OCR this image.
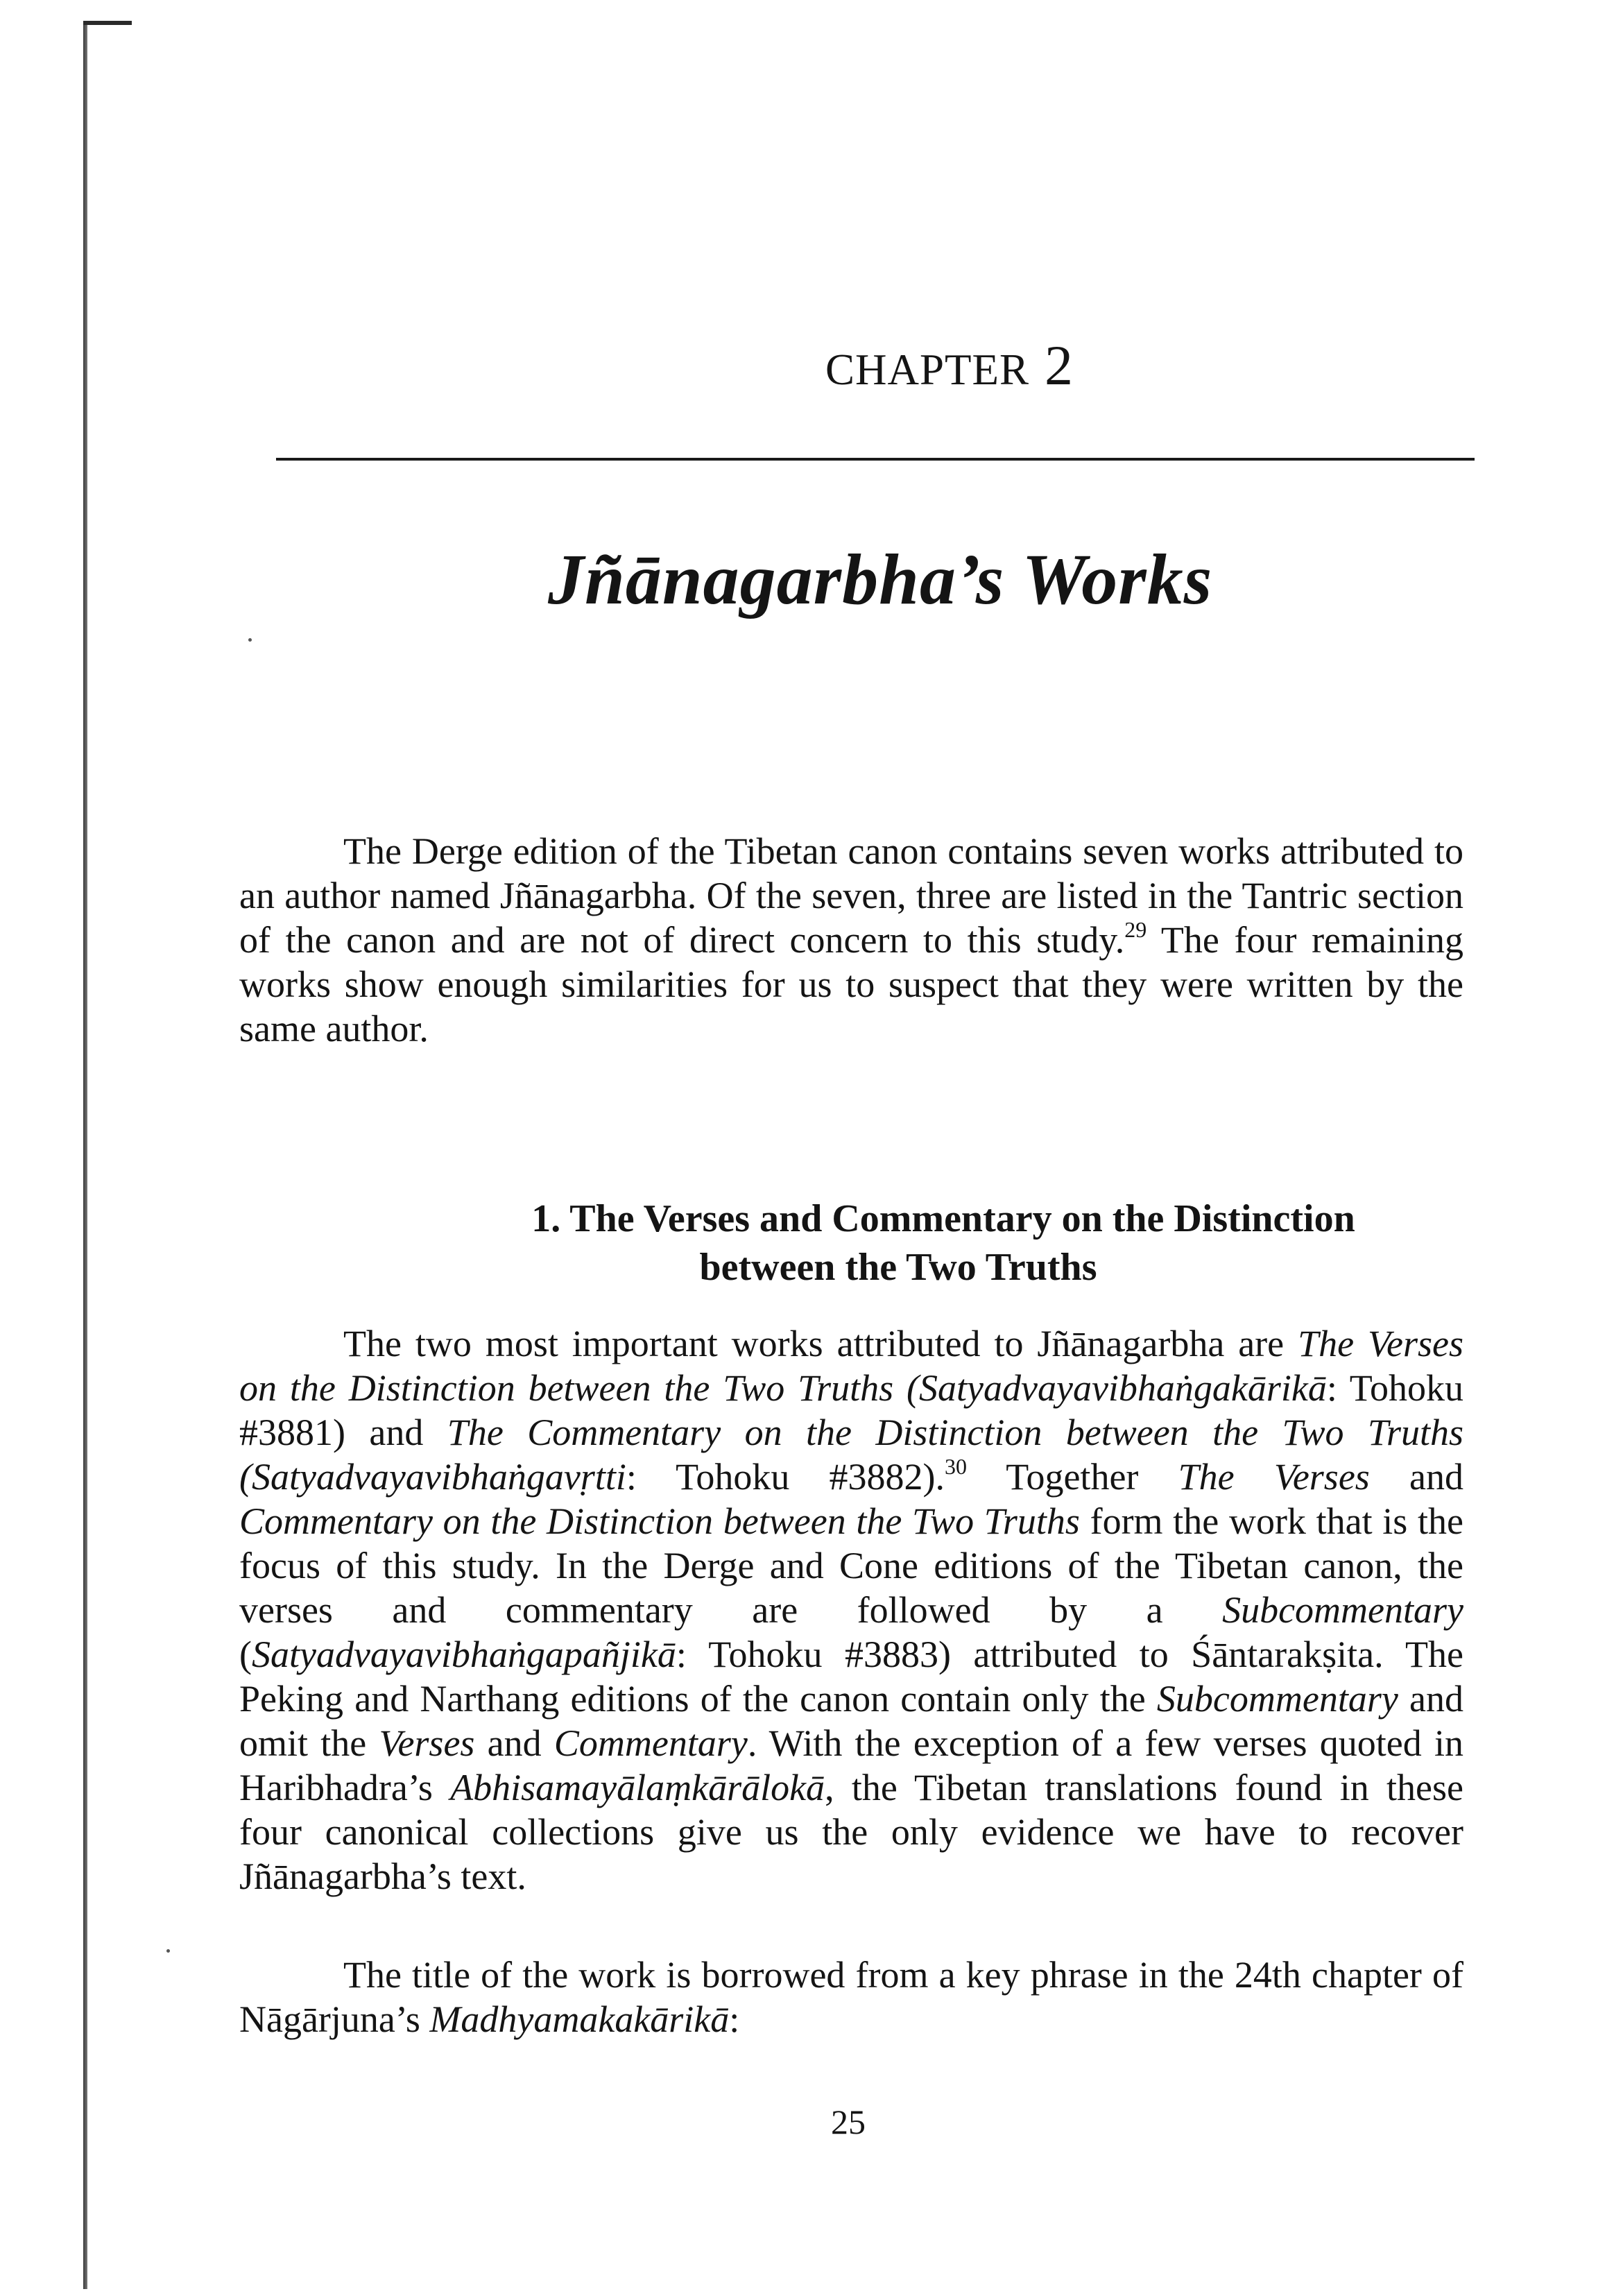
CHAPTER 2
Jñānagarbha’s Works

The Derge edition of the Tibetan canon contains seven works attributed to an author named Jñānagarbha. Of the seven, three are listed in the Tantric section of the canon and are not of direct concern to this study.$^{29}$ The four remaining works show enough similarities for us to suspect that they were written by the same author.

1. The Verses and Commentary on the Distinction
between the Two Truths

The two most important works attributed to Jñānagarbha are The Verses on the Distinction between the Two Truths (Satyadvayavibhaṅgakārikā: Tohoku #3881) and The Commentary on the Distinction between the Two Truths (Satyadvayavibhaṅgavṛtti: Tohoku #3882).$^{30}$ Together The Verses and Commentary on the Distinction between the Two Truths form the work that is the focus of this study. In the Derge and Cone editions of the Tibetan canon, the verses and commentary are followed by a Subcommentary (Satyadvayavibhaṅgapañjikā: Tohoku #3883) attributed to Śāntarakṣita. The Peking and Narthang editions of the canon contain only the Subcommentary and omit the Verses and Commentary. With the exception of a few verses quoted in Haribhadra’s Abhisamayālaṃkārālokā, the Tibetan translations found in these four canonical collections give us the only evidence we have to recover Jñānagarbha’s text.

The title of the work is borrowed from a key phrase in the 24th chapter of Nāgārjuna’s Madhyamakakārikā:

25
